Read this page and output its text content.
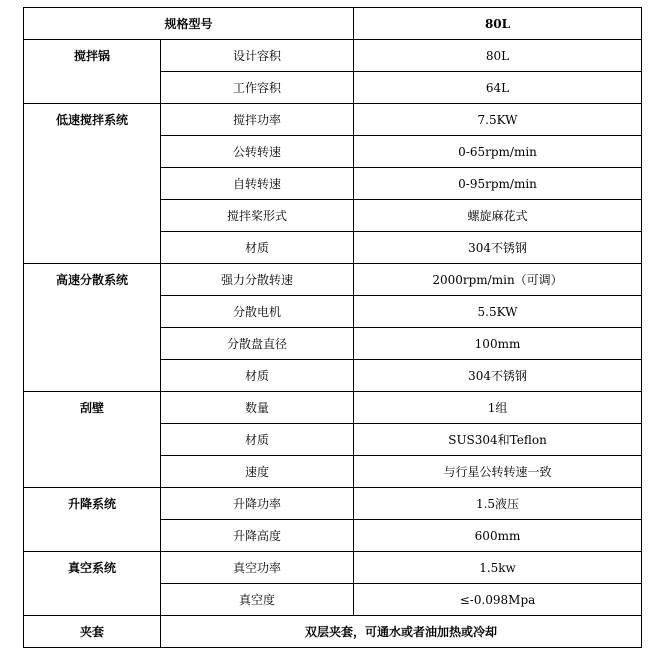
规格型号		80L
搅拌锅	设计容积	80L
	工作容积	64L
低速搅拌系统	搅拌功率	7.5KW
	公转转速	0-65rpm/min
	自转转速	0-95rpm/min
	搅拌桨形式	螺旋麻花式
	材质	304不锈钢
高速分散系统	强力分散转速	2000rpm/min（可调）
	分散电机	5.5KW
	分散盘直径	100mm
	材质	304不锈钢
刮壁	数量	1组
	材质	SUS304和Teflon
	速度	与行星公转转速一致
升降系统	升降功率	1.5液压
	升降高度	600mm
真空系统	真空功率	1.5kw
	真空度	≤-0.098Mpa
夹套	双层夹套，可通水或者油加热或冷却	
